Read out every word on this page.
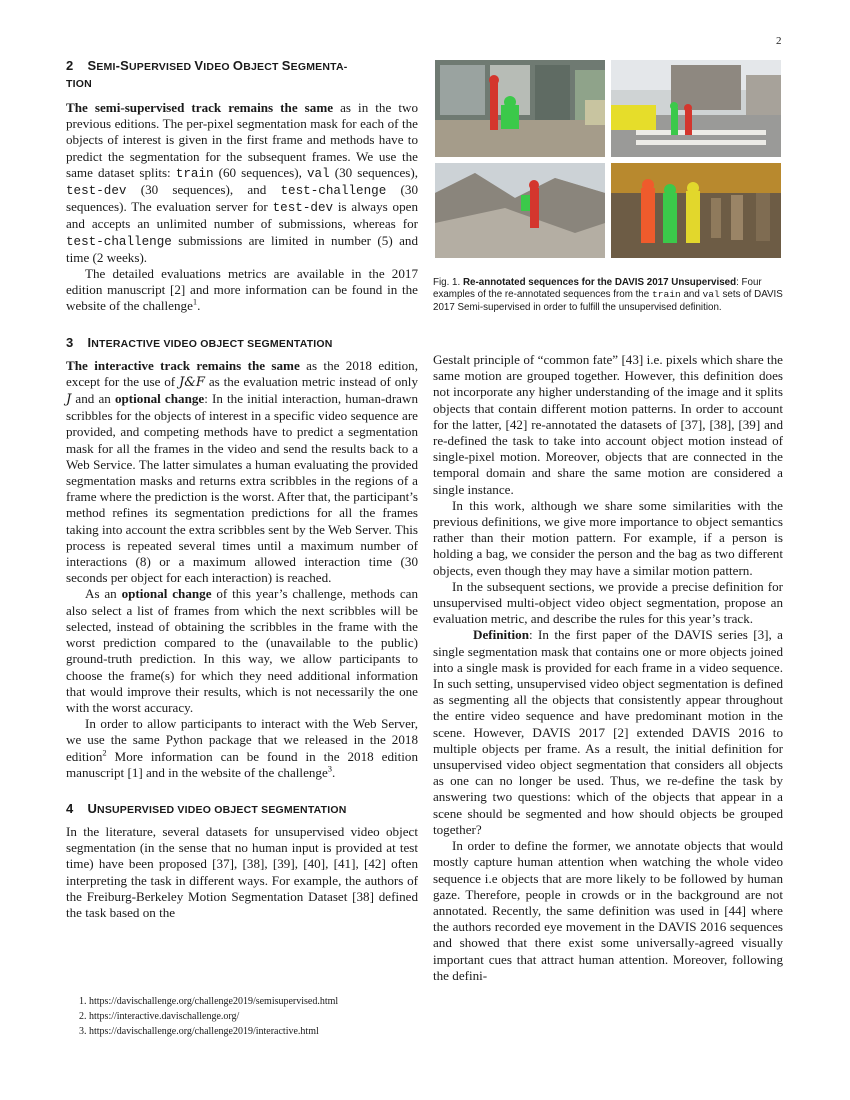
2
2 SEMI-SUPERVISED VIDEO OBJECT SEGMENTA-
TION

The semi-supervised track remains the same as in the two previous editions. The per-pixel segmentation mask for each of the objects of interest is given in the first frame and methods have to predict the segmentation for the subsequent frames. We use the same dataset splits: train (60 sequences), val (30 sequences), test-dev (30 sequences), and test-challenge (30 sequences). The evaluation server for test-dev is always open and accepts an unlimited number of submissions, whereas for test-challenge submissions are limited in number (5) and time (2 weeks).

The detailed evaluations metrics are available in the 2017 edition manuscript [2] and more information can be found in the website of the challenge$^1$.

3 INTERACTIVE VIDEO OBJECT SEGMENTATION

The interactive track remains the same as the 2018 edition, except for the use of J&F as the evaluation metric instead of only J and an optional change: In the initial interaction, human-drawn scribbles for the objects of interest in a specific video sequence are provided, and competing methods have to predict a segmentation mask for all the frames in the video and send the results back to a Web Service. The latter simulates a human evaluating the provided segmentation masks and returns extra scribbles in the regions of a frame where the prediction is the worst. After that, the participant’s method refines its segmentation predictions for all the frames taking into account the extra scribbles sent by the Web Server. This process is repeated several times until a maximum number of interactions (8) or a maximum allowed interaction time (30 seconds per object for each interaction) is reached.

As an optional change of this year’s challenge, methods can also select a list of frames from which the next scribbles will be selected, instead of obtaining the scribbles in the frame with the worst prediction compared to the (unavailable to the public) ground-truth prediction. In this way, we allow participants to choose the frame(s) for which they need additional information that would improve their results, which is not necessarily the one with the worst accuracy.

In order to allow participants to interact with the Web Server, we use the same Python package that we released in the 2018 edition$^2$ More information can be found in the 2018 edition manuscript [1] and in the website of the challenge$^3$.

4 UNSUPERVISED VIDEO OBJECT SEGMENTATION

In the literature, several datasets for unsupervised video object segmentation (in the sense that no human input is provided at test time) have been proposed [37], [38], [39], [40], [41], [42] often interpreting the task in different ways. For example, the authors of the Freiburg-Berkeley Motion Segmentation Dataset [38] defined the task based on the

1. https://davischallenge.org/challenge2019/semisupervised.html
2. https://interactive.davischallenge.org/
3. https://davischallenge.org/challenge2019/interactive.html
Fig. 1. Re-annotated sequences for the DAVIS 2017 Unsupervised: Four examples of the re-annotated sequences from the train and val sets of DAVIS 2017 Semi-supervised in order to fulfill the unsupervised definition.

Gestalt principle of “common fate” [43] i.e. pixels which share the same motion are grouped together. However, this definition does not incorporate any higher understanding of the image and it splits objects that contain different motion patterns. In order to account for the latter, [42] re-annotated the datasets of [37], [38], [39] and re-defined the task to take into account object motion instead of single-pixel motion. Moreover, objects that are connected in the temporal domain and share the same motion are considered a single instance.

In this work, although we share some similarities with the previous definitions, we give more importance to object semantics rather than their motion pattern. For example, if a person is holding a bag, we consider the person and the bag as two different objects, even though they may have a similar motion pattern.

In the subsequent sections, we provide a precise definition for unsupervised multi-object video object segmentation, propose an evaluation metric, and describe the rules for this year’s track.

Definition: In the first paper of the DAVIS series [3], a single segmentation mask that contains one or more objects joined into a single mask is provided for each frame in a video sequence. In such setting, unsupervised video object segmentation is defined as segmenting all the objects that consistently appear throughout the entire video sequence and have predominant motion in the scene. However, DAVIS 2017 [2] extended DAVIS 2016 to multiple objects per frame. As a result, the initial definition for unsupervised video object segmentation that considers all objects as one can no longer be used. Thus, we re-define the task by answering two questions: which of the objects that appear in a scene should be segmented and how should objects be grouped together?

In order to define the former, we annotate objects that would mostly capture human attention when watching the whole video sequence i.e objects that are more likely to be followed by human gaze. Therefore, people in crowds or in the background are not annotated. Recently, the same definition was used in [44] where the authors recorded eye movement in the DAVIS 2016 sequences and showed that there exist some universally-agreed visually important cues that attract human attention. Moreover, following the defini-
